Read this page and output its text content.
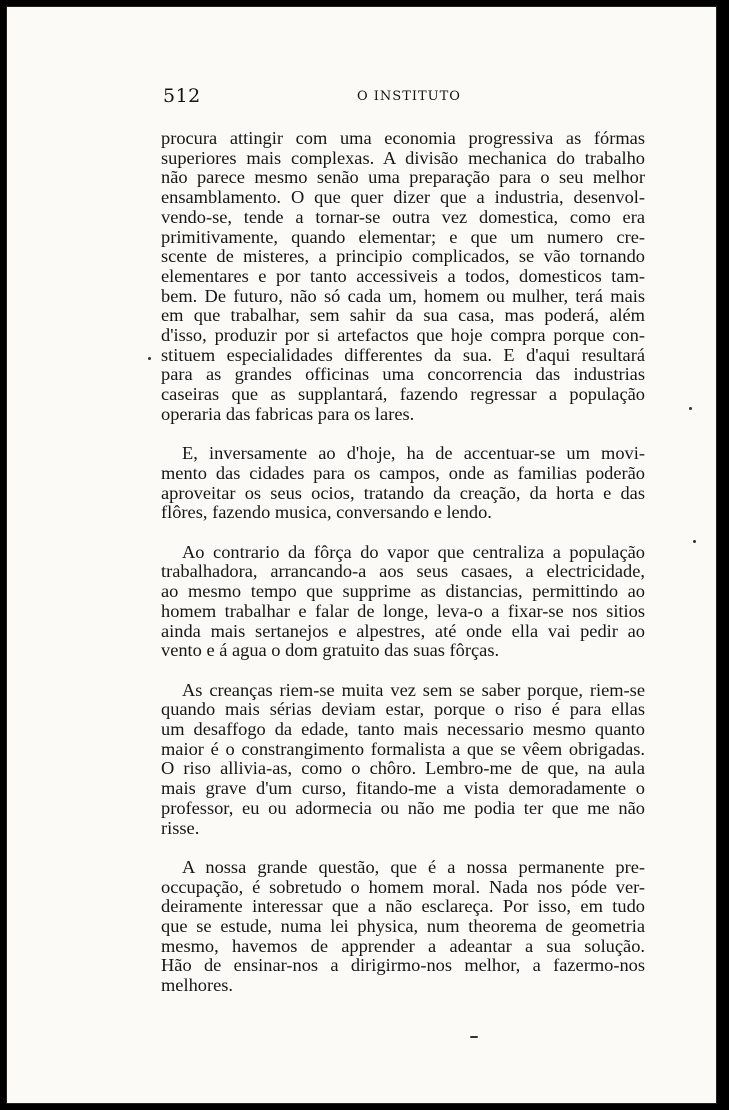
512	O INSTITUTO
procura attingir com uma economia progressiva as fórmas
superiores mais complexas. A divisão mechanica do trabalho
não parece mesmo senão uma preparação para o seu melhor
ensamblamento. O que quer dizer que a industria, desenvol-
vendo-se, tende a tornar-se outra vez domestica, como era
primitivamente, quando elementar; e que um numero cre-
scente de misteres, a principio complicados, se vão tornando
elementares e por tanto accessiveis a todos, domesticos tam-
bem. De futuro, não só cada um, homem ou mulher, terá mais
em que trabalhar, sem sahir da sua casa, mas poderá, além
d'isso, produzir por si artefactos que hoje compra porque con-
stituem especialidades differentes da sua. E d'aqui resultará
para as grandes officinas uma concorrencia das industrias
caseiras que as supplantará, fazendo regressar a população
operaria das fabricas para os lares.
E, inversamente ao d'hoje, ha de accentuar-se um movi-
mento das cidades para os campos, onde as familias poderão
aproveitar os seus ocios, tratando da creação, da horta e das
flôres, fazendo musica, conversando e lendo.
Ao contrario da fôrça do vapor que centraliza a população
trabalhadora, arrancando-a aos seus casaes, a electricidade,
ao mesmo tempo que supprime as distancias, permittindo ao
homem trabalhar e falar de longe, leva-o a fixar-se nos sitios
ainda mais sertanejos e alpestres, até onde ella vai pedir ao
vento e á agua o dom gratuito das suas fôrças.
As creanças riem-se muita vez sem se saber porque, riem-se
quando mais sérias deviam estar, porque o riso é para ellas
um desaffogo da edade, tanto mais necessario mesmo quanto
maior é o constrangimento formalista a que se vêem obrigadas.
O riso allivia-as, como o chôro. Lembro-me de que, na aula
mais grave d'um curso, fitando-me a vista demoradamente o
professor, eu ou adormecia ou não me podia ter que me não
risse.
A nossa grande questão, que é a nossa permanente pre-
occupação, é sobretudo o homem moral. Nada nos póde ver-
deiramente interessar que a não esclareça. Por isso, em tudo
que se estude, numa lei physica, num theorema de geometria
mesmo, havemos de apprender a adeantar a sua solução.
Hão de ensinar-nos a dirigirmo-nos melhor, a fazermo-nos
melhores.
